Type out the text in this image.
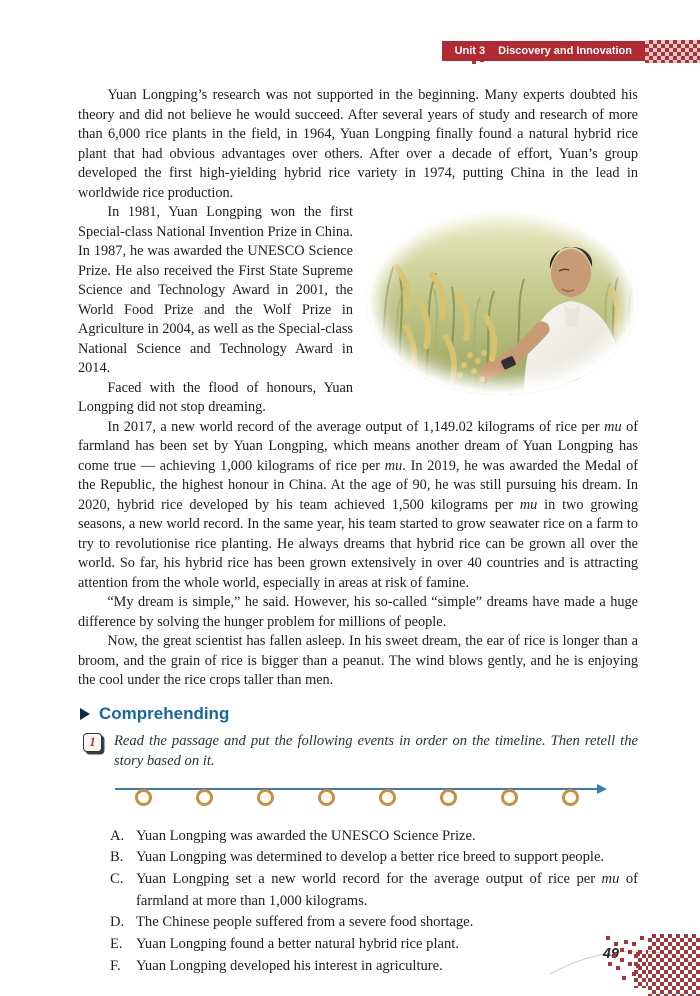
Unit 3 Discovery and Innovation

Yuan Longping’s research was not supported in the beginning. Many experts doubted his theory and did not believe he would succeed. After several years of study and research of more than 6,000 rice plants in the field, in 1964, Yuan Longping finally found a natural hybrid rice plant that had obvious advantages over others. After over a decade of effort, Yuan’s group developed the first high-yielding hybrid rice variety in 1974, putting China in the lead in worldwide rice production.

In 1981, Yuan Longping won the first Special-class National Invention Prize in China. In 1987, he was awarded the UNESCO Science Prize. He also received the First State Supreme Science and Technology Award in 2001, the World Food Prize and the Wolf Prize in Agriculture in 2004, as well as the Special-class National Science and Technology Award in 2014.

Faced with the flood of honours, Yuan Longping did not stop dreaming.

In 2017, a new world record of the average output of 1,149.02 kilograms of rice per mu of farmland has been set by Yuan Longping, which means another dream of Yuan Longping has come true — achieving 1,000 kilograms of rice per mu. In 2019, he was awarded the Medal of the Republic, the highest honour in China. At the age of 90, he was still pursuing his dream. In 2020, hybrid rice developed by his team achieved 1,500 kilograms per mu in two growing seasons, a new world record. In the same year, his team started to grow seawater rice on a farm to try to revolutionise rice planting. He always dreams that hybrid rice can be grown all over the world. So far, his hybrid rice has been grown extensively in over 40 countries and is attracting attention from the whole world, especially in areas at risk of famine.

“My dream is simple,” he said. However, his so-called “simple” dreams have made a huge difference by solving the hunger problem for millions of people.

Now, the great scientist has fallen asleep. In his sweet dream, the ear of rice is longer than a broom, and the grain of rice is bigger than a peanut. The wind blows gently, and he is enjoying the cool under the rice crops taller than men.

Comprehending
1	Read the passage and put the following events in order on the timeline. Then retell the story based on it.

A. Yuan Longping was awarded the UNESCO Science Prize.
B. Yuan Longping was determined to develop a better rice breed to support people.
C. Yuan Longping set a new world record for the average output of rice per mu of farmland at more than 1,000 kilograms.
D. The Chinese people suffered from a severe food shortage.
E. Yuan Longping found a better natural hybrid rice plant.
F. Yuan Longping developed his interest in agriculture.
49
